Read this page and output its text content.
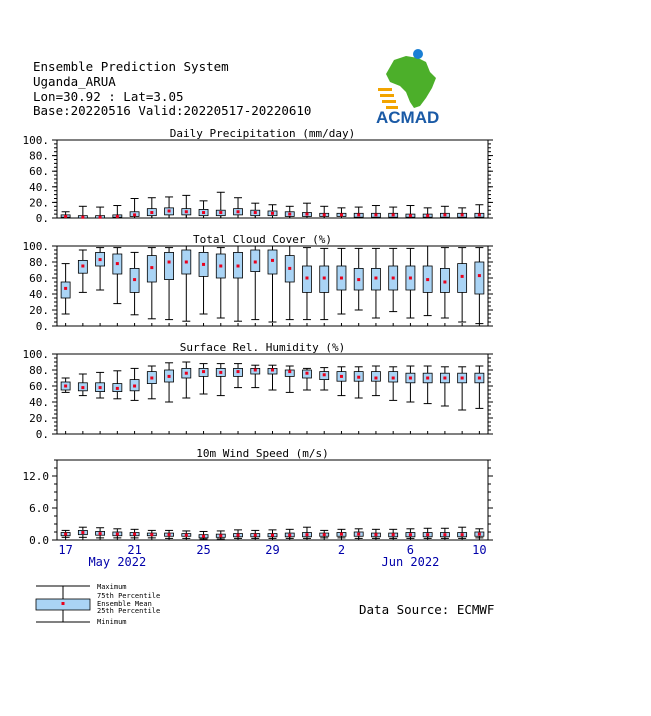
Ensemble Prediction System
Uganda_ARUA
Lon=30.92 : Lat=3.05
Base:20220516 Valid:20220517-20220610	ACMAD
Daily Precipitation (mm/day)
0.
20.
40.
60.
80.
100.
Total Cloud Cover (%)
0.
20.
40.
60.
80.
100.
Surface Rel. Humidity (%)
0.
20.
40.
60.
80.
100.
10m Wind Speed (m/s)
0.0
6.0
12.0
17	21	25	29	2	6	10
May 2022	Jun 2022
Maximum
75th Percentile
Ensemble Mean
25th Percentile
Minimum
Data Source: ECMWF
